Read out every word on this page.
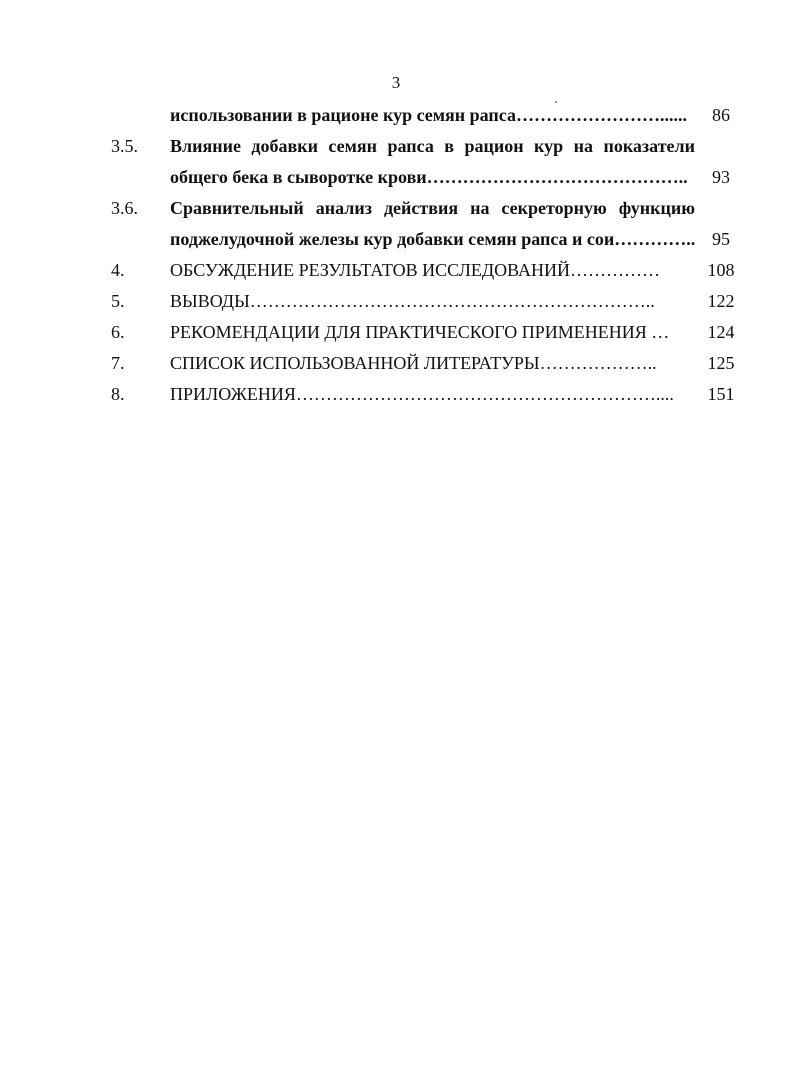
3
использовании в рационе кур семян рапса……………………......	86
3.5. Влияние добавки семян рапса в рацион кур на показатели
общего бека в сыворотке крови……………………………………..	93
3.6. Сравнительный анализ действия на секреторную функцию
поджелудочной железы кур добавки семян рапса и сои………….. 95
4.	ОБСУЖДЕНИЕ РЕЗУЛЬТАТОВ ИССЛЕДОВАНИЙ……………	108
5.	ВЫВОДЫ…………………………………………………………..	122
6.	РЕКОМЕНДАЦИИ ДЛЯ ПРАКТИЧЕСКОГО ПРИМЕНЕНИЯ …	124
7.	СПИСОК ИСПОЛЬЗОВАННОЙ ЛИТЕРАТУРЫ………………..	125
8.	ПРИЛОЖЕНИЯ……………………………………………………....	151
